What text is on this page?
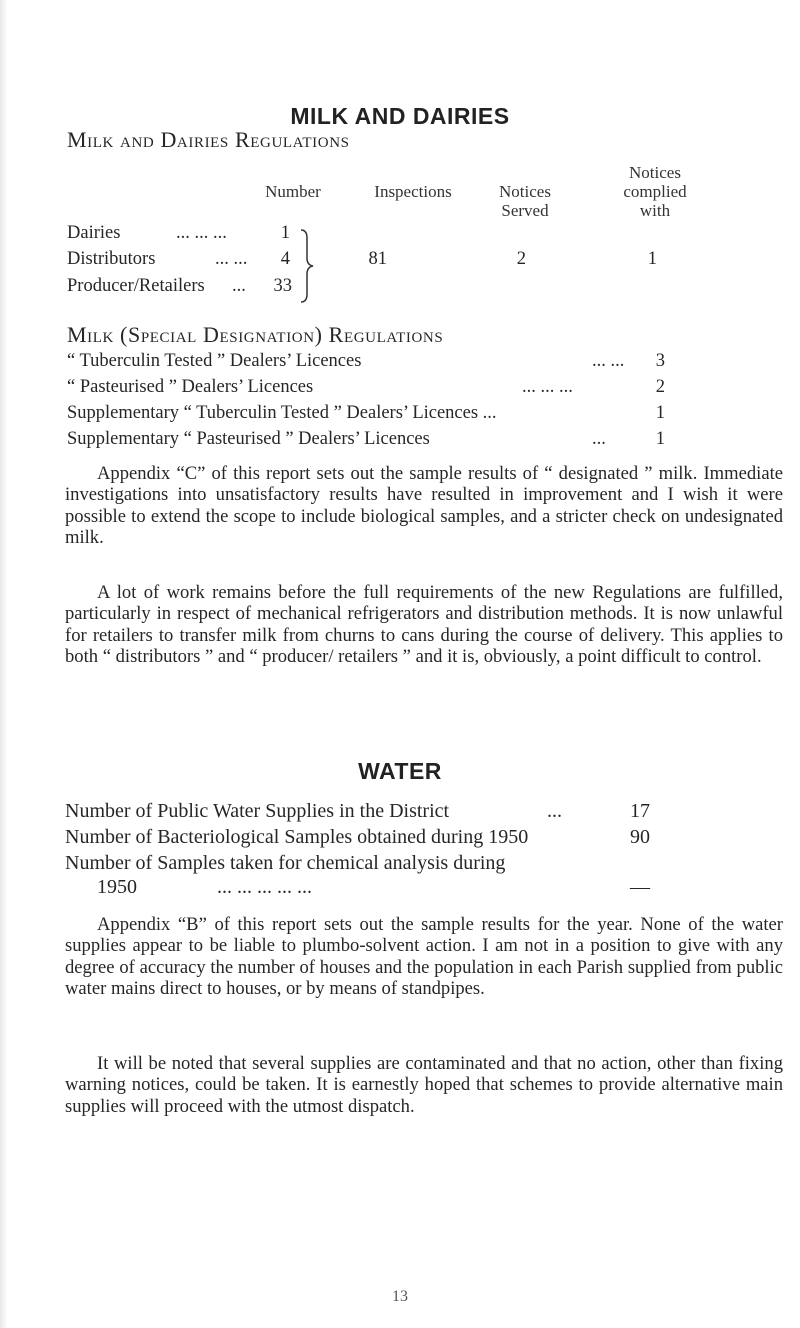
MILK AND DAIRIES
Milk and Dairies Regulations
Number	Inspections	Notices
Served
Notices
complied
with
Dairies	... ... ...	1
Distributors	... ...	4
Producer/Retailers ...	33
81	2	1
Milk (Special Designation) Regulations
“ Tuberculin Tested ” Dealers’ Licences	... ...	3
“ Pasteurised ” Dealers’ Licences	... ... ...	2
Supplementary “ Tuberculin Tested ” Dealers’ Licences ...	1
Supplementary “ Pasteurised ” Dealers’ Licences	...	1
Appendix “C” of this report sets out the sample results of “ designated ” milk. Immediate investigations into unsatisfactory results have resulted in improvement and I wish it were possible to extend the scope to include biological samples, and a stricter check on undesignated milk.
A lot of work remains before the full requirements of the new Regulations are fulfilled, particularly in respect of mechanical refrigerators and distribution methods. It is now unlawful for retailers to transfer milk from churns to cans during the course of delivery. This applies to both “ distributors ” and “ producer/ retailers ” and it is, obviously, a point difficult to control.
WATER
Number of Public Water Supplies in the District	...	17
Number of Bacteriological Samples obtained during 1950	90
Number of Samples taken for chemical analysis during
1950	... ... ... ... ...	—
Appendix “B” of this report sets out the sample results for the year. None of the water supplies appear to be liable to plumbo-solvent action. I am not in a position to give with any degree of accuracy the number of houses and the population in each Parish supplied from public water mains direct to houses, or by means of standpipes.
It will be noted that several supplies are contaminated and that no action, other than fixing warning notices, could be taken. It is earnestly hoped that schemes to provide alternative main supplies will proceed with the utmost dispatch.
13
